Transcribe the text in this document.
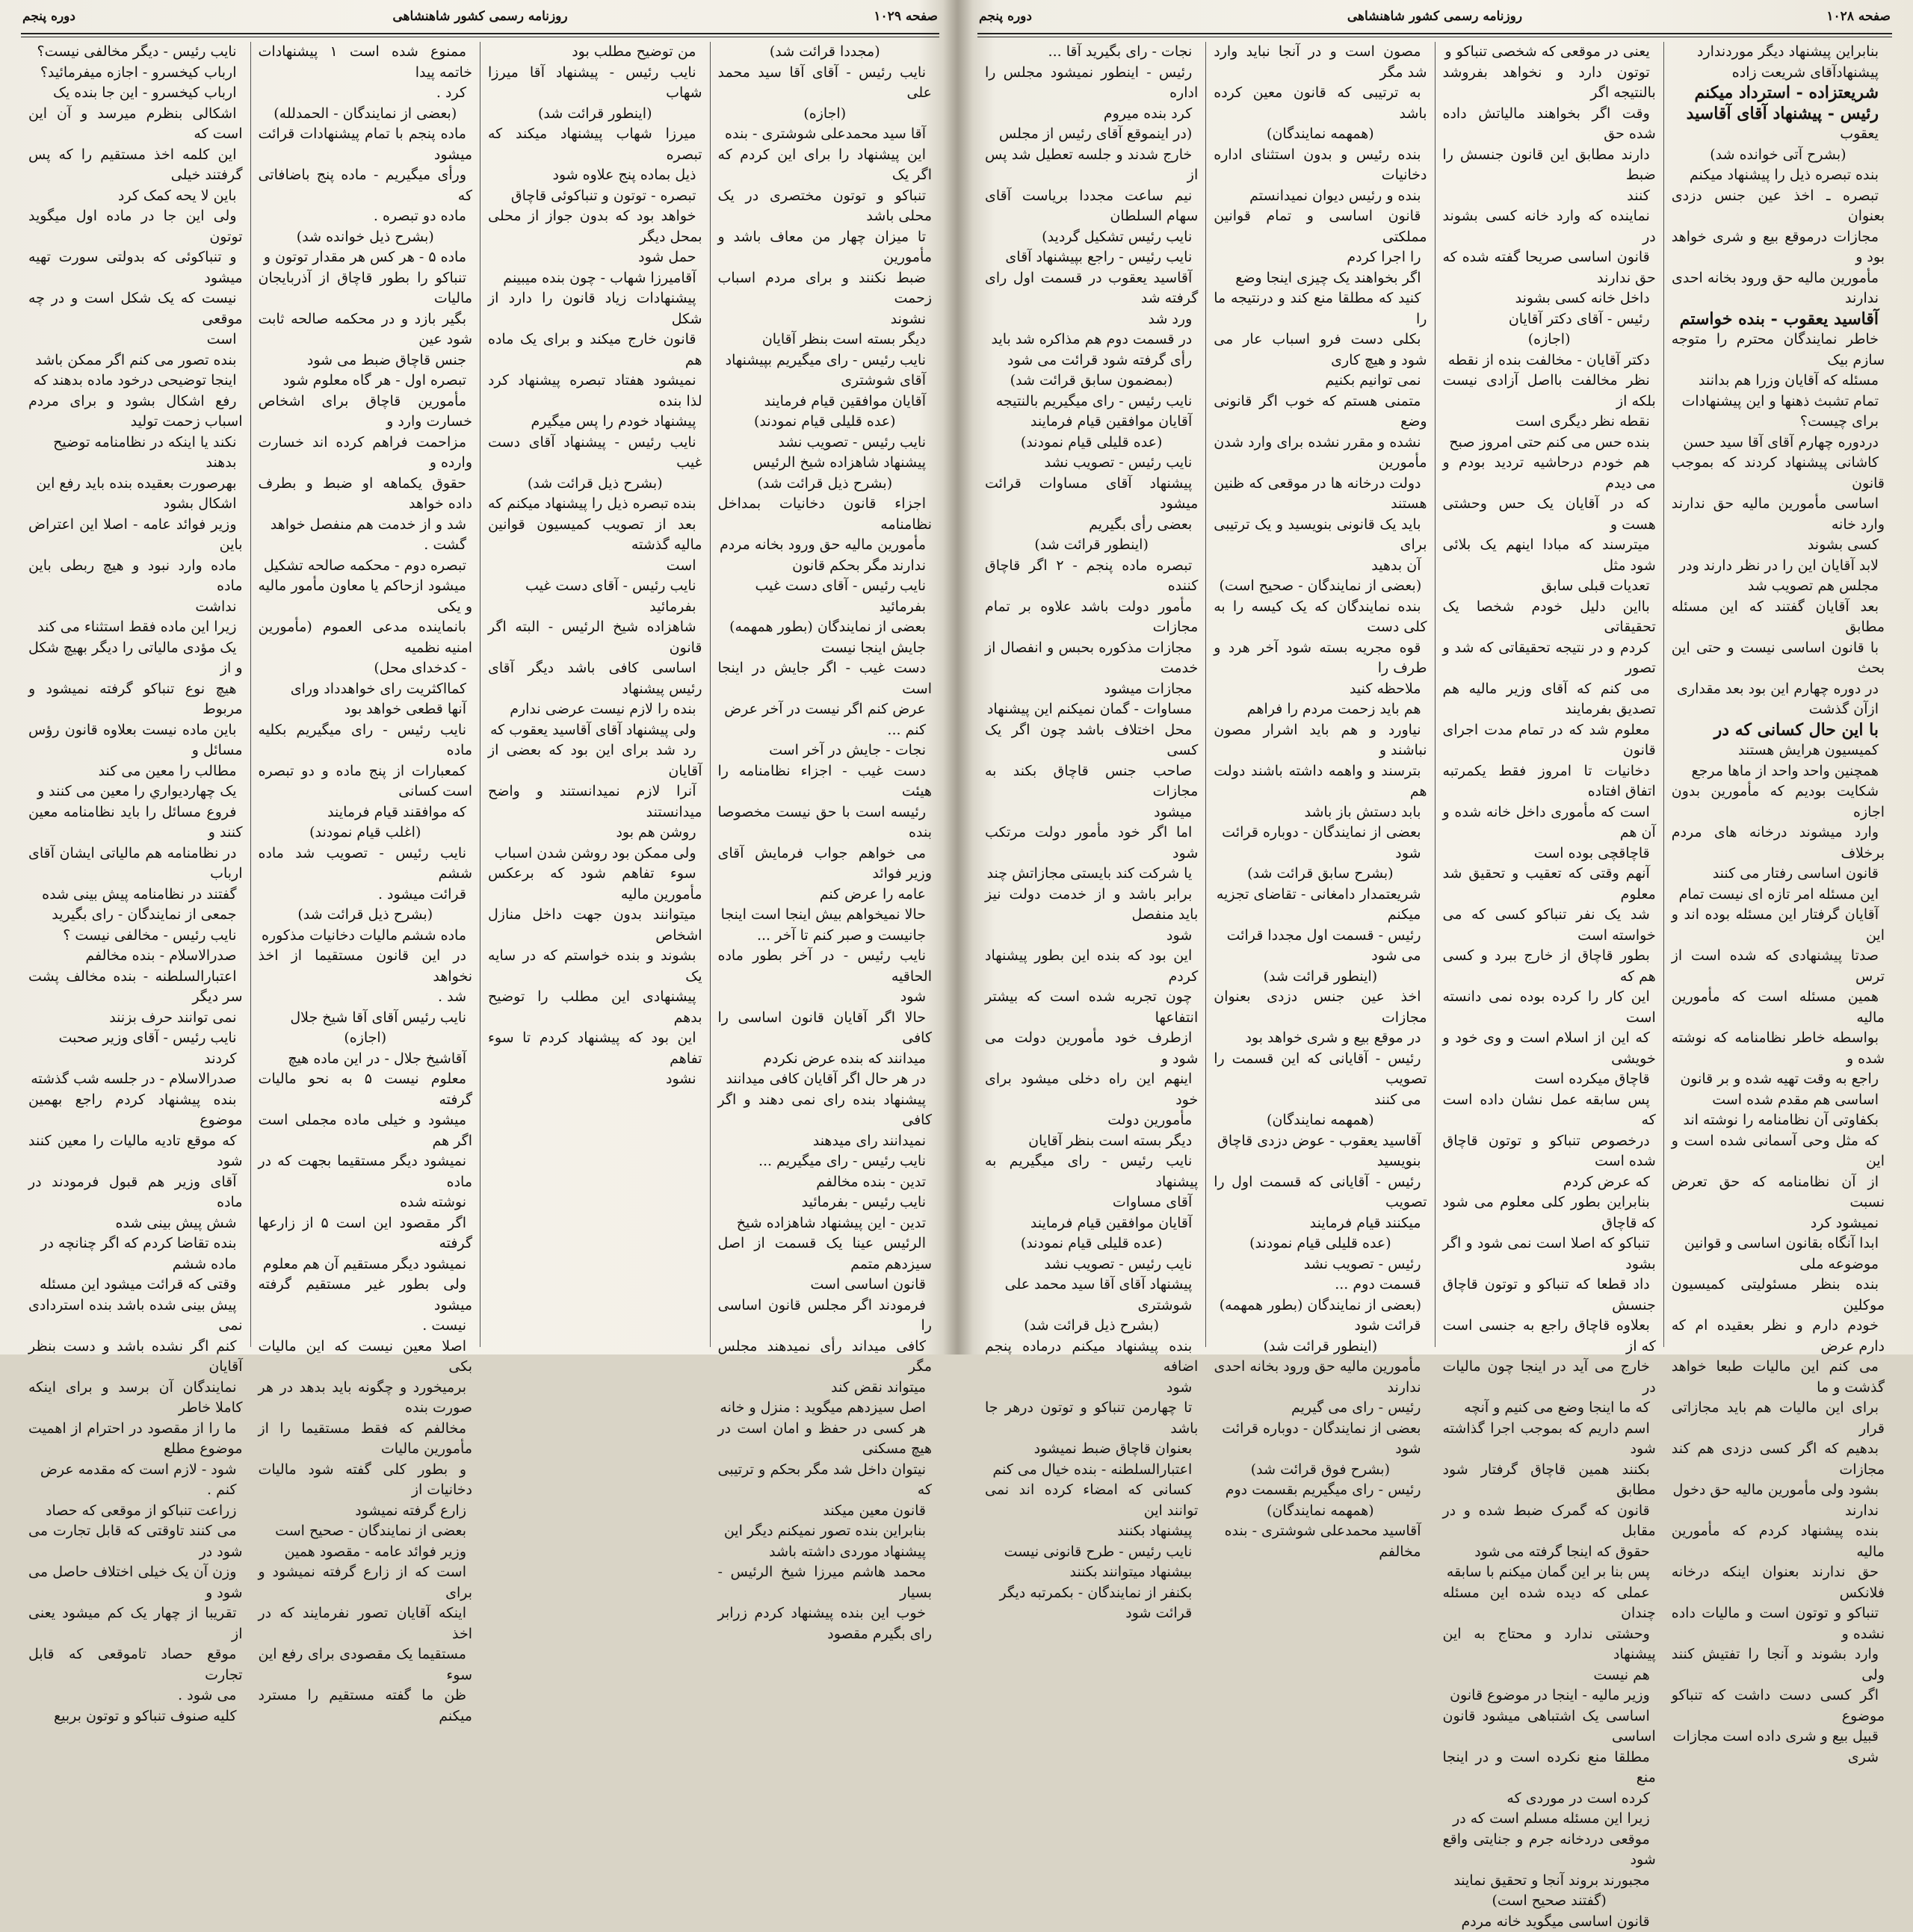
صفحه ۱۰۲۹
روزنامه رسمی کشور شاهنشاهی
دوره پنجم

(مجددا قرائت شد)

نایب رئیس - آقای آقا سید محمد علی

(اجازه)

آقا سید محمدعلی شوشتری - بنده

این پیشنهاد را برای این کردم که اگر یک

تنباکو و توتون مختصری در یک محلی باشد

تا میزان چهار من معاف باشد و مأمورین

ضبط نکنند و برای مردم اسباب زحمت

نشوند

دیگر بسته است بنظر آقایان

نایب رئیس - رای میگیریم بپیشنهاد

آقای شوشتری

آقایان موافقین قیام فرمایند

(عده قلیلی قیام نمودند)

نایب رئیس - تصویب نشد

پیشنهاد شاهزاده شیخ الرئیس

(بشرح ذیل قرائت شد)

اجزاء قانون دخانیات بمداخل نظامنامه

مأمورین مالیه حق ورود بخانه مردم

ندارند مگر بحکم قانون

نایب رئیس - آقای دست غیب

بفرمائید

بعضی از نمایندگان (بطور همهمه)

جایش اینجا نیست

دست غیب - اگر جایش در اینجا است

عرض کنم اگر نیست در آخر عرض

کنم ...

نجات - جایش در آخر است

دست غیب - اجزاء نظامنامه را هیئت

رئیسه است با حق نیست مخصوصا بنده

می خواهم جواب فرمایش آقای وزیر فوائد

عامه را عرض کنم

حالا نمیخواهم بیش اینجا است اینجا

جانیست و صبر کنم تا آخر ...

نایب رئیس - در آخر بطور ماده الحاقیه

شود

حالا اگر آقایان قانون اساسی را کافی

میدانند که بنده عرض نکردم

در هر حال اگر آقایان کافی میدانند

پیشنهاد بنده رای نمی دهند و اگر کافی

نمیدانند رای میدهند

نایب رئیس - رای میگیریم ...

تدین - بنده مخالفم

نایب رئیس - بفرمائید

تدین - این پیشنهاد شاهزاده شیخ

الرئیس عینا یک قسمت از اصل سیزدهم متمم

قانون اساسی است

فرمودند اگر مجلس قانون اساسی را

کافی میداند رأی نمیدهند مجلس مگر

میتواند نقض کند

اصل سیزدهم میگوید : منزل و خانه

هر کسی در حفظ و امان است در هیچ مسکنی

نیتوان داخل شد مگر بحکم و ترتیبی که

قانون معین میکند

بنابراین بنده تصور نمیکنم دیگر این

پیشنهاد موردی داشته باشد

محمد هاشم میرزا شیخ الرئیس - بسیار

خوب این بنده پیشنهاد کردم زرابر رای بگیرم مقصود

من توضیح مطلب بود

نایب رئیس - پیشنهاد آقا میرزا شهاب

(اینطور قرائت شد)

میرزا شهاب پیشنهاد میکند که تبصره

ذیل بماده پنج علاوه شود

تبصره - توتون و تنباکوئی قاچاق

خواهد بود که بدون جواز از محلی بمحل دیگر

حمل شود

آقامیرزا شهاب - چون بنده میبینم

پیشنهادات زیاد قانون را دارد از شکل

قانون خارج میکند و برای یک ماده هم

نمیشود هفتاد تبصره پیشنهاد کرد لذا بنده

پیشنهاد خودم را پس میگیرم

نایب رئیس - پیشنهاد آقای دست غیب

(بشرح ذیل قرائت شد)

بنده تبصره ذیل را پیشنهاد میکنم که

بعد از تصویب کمیسیون قوانین مالیه گذشته

است

نایب رئیس - آقای دست غیب

بفرمائید

شاهزاده شیخ الرئیس - البته اگر قانون

اساسی کافی باشد دیگر آقای رئیس پیشنهاد

بنده را لازم نیست عرضی ندارم

ولی پیشنهاد آقای آقاسید یعقوب که

رد شد برای این بود که بعضی از آقایان

آنرا لازم نمیدانستند و واضح میدانستند

روشن هم بود

ولی ممکن بود روشن شدن اسباب

سوء تفاهم شود که برعکس مأمورین مالیه

میتوانند بدون جهت داخل منازل اشخاص

بشوند و بنده خواستم که در سایه یک

پیشنهادی این مطلب را توضیح بدهم

این بود که پیشنهاد کردم تا سوء تفاهم

نشود

ممنوع شده است ۱ پیشنهادات خاتمه پیدا

کرد .

(بعضی از نمایندگان - الحمدلله)

ماده پنجم با تمام پیشنهادات قرائت میشود

ورأی میگیریم - ماده پنج باضافاتی که

ماده دو تبصره .

(بشرح ذیل خوانده شد)

ماده ۵ - هر کس هر مقدار توتون و

تنباکو را بطور قاچاق از آذربایجان مالیات

بگیر بازد و در محکمه صالحه ثابت شود عین

جنس قاچاق ضبط می شود

تبصره اول - هر گاه معلوم شود

مأمورین قاچاق برای اشخاص خسارت وارد و

مزاحمت فراهم کرده اند خسارت وارده و

حقوق یکماهه او ضبط و بطرف داده خواهد

شد و از خدمت هم منفصل خواهد

گشت .

تبصره دوم - محکمه صالحه تشکیل

میشود ازحاکم یا معاون مأمور مالیه و یکی

بانماینده مدعی العموم (مأمورین امنیه نظمیه

- کدخدای محل)

کمااکثریت رای خواهدداد ورای

آنها قطعی خواهد بود

نایب رئیس - رای میگیریم بکلیه ماده

کمعبارات از پنج ماده و دو تبصره است کسانی

که موافقند قیام فرمایند

(اغلب قیام نمودند)

نایب رئیس - تصویب شد ماده ششم

قرائت میشود .

(بشرح ذیل قرائت شد)

ماده ششم مالیات دخانیات مذکوره

در این قانون مستقیما از اخذ نخواهد

شد .

نایب رئیس آقای آقا شیخ جلال

(اجازه)

آقاشیخ جلال - در این ماده هیچ

معلوم نیست ۵ به نحو مالیات گرفته

میشود و خیلی ماده مجملی است اگر هم

نمیشود دیگر مستقیما بجهت که در ماده

نوشته شده

اگر مقصود این است ۵ از زارعها گرفته

نمیشود دیگر مستقیم آن هم معلوم

ولی بطور غیر مستقیم گرفته میشود

نیست .

اصلا معین نیست که این مالیات بکی

برمیخورد و چگونه باید بدهد در هر صورت بنده

مخالفم که فقط مستقیما را از مأمورین مالیات

و بطور کلی گفته شود مالیات دخانیات از

زارع گرفته نمیشود

بعضی از نمایندگان - صحیح است

وزیر فوائد عامه - مقصود همین

است که از زارع گرفته نمیشود و برای

اینکه آقایان تصور نفرمایند که در اخذ

مستقیما یک مقصودی برای رفع این سوء

ظن ما گفته مستقیم را مسترد میکنم

نایب رئیس - دیگر مخالفی نیست؟

ارباب کیخسرو - اجازه میفرمائید؟

ارباب کیخسرو - این جا بنده یک

اشکالی بنظرم میرسد و آن این است که

این کلمه اخذ مستقیم را که پس گرفتند خیلی

باین لا یحه کمک کرد

ولی این جا در ماده اول میگوید توتون

و تنباکوئی که بدولتی سورت تهیه میشود

نیست که یک شکل است و در چه موقعی

است

بنده تصور می کنم اگر ممکن باشد

اینجا توضیحی درخود ماده بدهند که

رفع اشکال بشود و برای مردم اسباب زحمت تولید

نکند یا اینکه در نظامنامه توضیح

بدهند

بهرصورت بعقیده بنده باید رفع این

اشکال بشود

وزیر فوائد عامه - اصلا این اعتراض باین

ماده وارد نبود و هیچ ربطی باین ماده

نداشت

زیرا این ماده فقط استثناء می کند

یک مؤدی مالیاتی را دیگر بهیچ شکل و از

هیچ نوع تنباکو گرفته نمیشود و مربوط

باین ماده نیست بعلاوه قانون رؤس مسائل و

مطالب را معین می کند

یک چهارديواري را معين می کنند و

فروع مسائل را باید نظامنامه معین کنند و

در نظامنامه هم مالیاتی ایشان آقای ارباب

گفتند در نظامنامه پیش بینی شده

جمعی از نمایندگان - رای بگیرید

نایب رئیس - مخالفی نیست ؟

صدرالاسلام - بنده مخالفم

اعتبارالسلطنه - بنده مخالف پشت سر دیگر

نمی توانند حرف بزنند

نایب رئیس - آقای وزیر صحبت

کردند

صدرالاسلام - در جلسه شب گذشته

بنده پیشنهاد کردم راجع بهمین موضوع

که موقع تادیه مالیات را معین کنند شود

آقای وزیر هم قبول فرمودند در ماده

شش پیش بینی شده

بنده تقاضا کردم که اگر چنانچه در

ماده ششم

وقتی که قرائت میشود این مسئله

پیش بینی شده باشد بنده استردادی نمی

کنم اگر نشده باشد و دست بنظر آقایان

نمایندگان آن برسد و برای اینکه کاملا خاطر

ما را از مقصود در احترام از اهمیت موضوع مطلع

شود - لازم است که مقدمه عرض

کنم .

زراعت تنباکو از موقعی که حصاد

می کنند تاوقتی که قابل تجارت می شود در

وزن آن یک خیلی اختلاف حاصل می شود و

تقریبا از چهار یک کم میشود یعنی از

موقع حصاد تاموقعی که قابل تجارت

می شود .

کلیه صنوف تنباکو و توتون بربیع

صفحه ۱۰۲۸
روزنامه رسمی کشور شاهنشاهی
دوره پنجم

بنابراین پیشنهاد دیگر موردندارد

پیشنهادآقای شریعت زاده

شریعتزاده - استرداد میکنم

رئیس - پیشنهاد آقای آقاسید

یعقوب

(بشرح آتی خوانده شد)

بنده تبصره ذیل را پیشنهاد میکنم

تبصره ـ اخذ عین جنس دزدی بعنوان

مجازات درموقع بیع و شری خواهد بود و

مأمورین مالیه حق ورود بخانه احدی

ندارند

آقاسید یعقوب - بنده خواستم

خاطر نمایندگان محترم را متوجه سازم بیک

مسئله که آقایان وزرا هم بدانند

تمام تشبث ذهنها و این پیشنهادات

برای چیست؟

دردوره چهارم آقای آقا سید حسن

کاشانی پیشنهاد کردند که بموجب قانون

اساسی مأمورین مالیه حق ندارند وارد خانه

کسی بشوند

لابد آقایان این را در نظر دارند ودر

مجلس هم تصویب شد

بعد آقایان گفتند که این مسئله مطابق

با قانون اساسی نیست و حتی این بحث

در دوره چهارم این بود بعد مقداری

ازآن گذشت

با این حال کسانی که در

کمیسیون هرایش هستند

همچنین واحد واحد از ماها مرجع

شکایت بودیم که مأمورین بدون اجازه

وارد میشوند درخانه های مردم برخلاف

قانون اساسی رفتار می کنند

این مسئله امر تازه ای نیست تمام

آقایان گرفتار این مسئله بوده اند و این

صدتا پیشنهادی که شده است از ترس

همین مسئله است که مأمورین مالیه

بواسطه خاطر نظامنامه که نوشته شده و

راجع به وقت تهیه شده و بر قانون

اساسی هم مقدم شده است

بکفاوتی آن نظامنامه را نوشته اند

که مثل وحی آسمانی شده است و این

از آن نظامنامه که حق تعرض نسبت

نمیشود کرد

ابدا آنگاه بقانون اساسی و قوانین

موضوعه ملی

بنده بنظر مسئولیتی کمیسیون موکلین

خودم دارم و نظر بعقیده ام که دارم عرض

می کنم این مالیات طبعا خواهد گذشت و ما

برای این مالیات هم باید مجازاتی قرار

بدهیم که اگر کسی دزدی هم کند مجازات

بشود ولی مأمورین مالیه حق دخول

ندارند

بنده پیشنهاد کردم که مأمورین مالیه

حق ندارند بعنوان اینکه درخانه فلانکس

تنباکو و توتون است و مالیات داده نشده و

وارد بشوند و آنجا را تفتیش کنند ولی

اگر کسی دست داشت که تنباکو موضوع

قبیل بیع و شری داده است مجازات

شری

یعنی در موقعی که شخصی تنباکو و

توتون دارد و نخواهد بفروشد بالنتیجه اگر

وقت اگر بخواهند مالیاتش داده شده حق

دارند مطابق این قانون جنسش را ضبط

کنند

نماینده که وارد خانه کسی بشوند در

قانون اساسی صریحا گفته شده که حق ندارند

داخل خانه کسی بشوند

رئیس - آقای دکتر آقایان

(اجازه)

دکتر آقایان - مخالفت بنده از نقطه

نظر مخالفت بااصل آزادی نیست بلکه از

نقطه نظر دیگری است

بنده حس می کنم حتی امروز صبح

هم خودم درحاشیه تردید بودم و می دیدم

که در آقایان یک حس وحشتی هست و

میترسند که مبادا اینهم یک بلائی شود مثل

تعدیات قبلی سابق

بااین دلیل خودم شخصا یک تحقیقاتی

کردم و در نتیجه تحقیقاتی که شد و تصور

می کنم که آقای وزیر مالیه هم تصدیق بفرمایند

معلوم شد که در تمام مدت اجرای قانون

دخانیات تا امروز فقط یکمرتبه اتفاق افتاده

است که مأموری داخل خانه شده و آن هم

قاچاقچی بوده است

آنهم وقتی که تعقیب و تحقیق شد معلوم

شد یک نفر تنباکو کسی که می خواسته است

بطور قاچاق از خارج ببرد و کسی هم که

این کار را کرده بوده نمی دانسته است

که این از اسلام است و وی خود و خویشی

قاچاق میکرده است

پس سابقه عمل نشان داده است که

درخصوص تنباکو و توتون قاچاق شده است

که عرض کردم

بنابراین بطور کلی معلوم می شود که قاچاق

تنباکو که اصلا است نمی شود و اگر بشود

داد قطعا که تنباکو و توتون قاچاق جنسش

بعلاوه قاچاق راجع به جنسی است که از

خارج می آید در اینجا چون مالیات در

که ما اینجا وضع می کنیم و آنچه

اسم داریم که بموجب اجرا گذاشته شود

بکنند همین قاچاق گرفتار شود مطابق

قانون که گمرک ضبط شده و در مقابل

حقوق که اینجا گرفته می شود

پس بنا بر این گمان میکنم با سابقه

عملی که دیده شده این مسئله چندان

وحشتی ندارد و محتاج به این پیشنهاد

هم نیست

وزیر مالیه - اینجا در موضوع قانون

اساسی یک اشتباهی میشود قانون اساسی

مطلقا منع نکرده است و در اینجا منع

کرده است در موردی که

زیرا این مسئله مسلم است که در

موقعی دردخانه جرم و جنایتی واقع شود

مجبورند بروند آنجا و تحقیق نمایند

(گفتند صحیح است)

قانون اساسی میگوید خانه مردم

مصون است و در آنجا نباید وارد شد مگر

به ترتیبی که قانون معین کرده باشد

(همهمه نمایندگان)

بنده رئیس و بدون استثنای اداره دخانیات

بنده و رئیس دیوان نمیدانستم

قانون اساسی و تمام قوانین مملکتی

را اجرا کردم

اگر بخواهند یک چیزی اینجا وضع

کنید که مطلقا منع کند و درنتیجه ما را

بکلی دست فرو اسباب عار می شود و هیچ کاری

نمی توانیم بکنیم

متمنی هستم که خوب اگر قانونی وضع

نشده و مقرر نشده برای وارد شدن مأمورین

دولت درخانه ها در موقعی که ظنین هستند

باید یک قانونی بنویسید و یک ترتیبی برای

آن بدهید

(بعضی از نمایندگان - صحیح است)

بنده نمایندگان که یک کیسه را به کلی دست

قوه مجریه بسته شود آخر هرد و طرف را

ملاحظه کنید

هم باید زحمت مردم را فراهم

نیاورد و هم باید اشرار مصون نباشند و

بترسند و واهمه داشته باشند دولت هم

بابد دستش باز باشد

بعضی از نمایندگان - دوباره قرائت

شود

(بشرح سابق قرائت شد)

شریعتمدار دامغانی - تقاضای تجزیه

میکنم

رئیس - قسمت اول مجددا قرائت

می شود

(اینطور قرائت شد)

اخذ عین جنس دزدی بعنوان مجازات

در موقع بیع و شری خواهد بود

رئیس - آقایانی که این قسمت را تصویب

می کنند

(همهمه نمایندگان)

آقاسید یعقوب - عوض دزدی قاچاق

بنویسید

رئیس - آقایانی که قسمت اول را تصویب

میکنند قیام فرمایند

(عده قلیلی قیام نمودند)

رئیس - تصویب نشد

قسمت دوم ...

(بعضی از نمایندگان (بطور همهمه)

قرائت شود

(اینطور قرائت شد)

مأمورین مالیه حق ورود بخانه احدی

ندارند

رئیس - رای می گیریم

بعضی از نمایندگان - دوباره قرائت

شود

(بشرح فوق قرائت شد)

رئیس - رای میگیریم بقسمت دوم

(همهمه نمایندگان)

آقاسید محمدعلی شوشتری - بنده

مخالفم

نجات - رای بگیرید آقا ...

رئیس - اینطور نمیشود مجلس را اداره

کرد بنده میروم

(در اینموقع آقای رئیس از مجلس

خارج شدند و جلسه تعطیل شد پس از

نیم ساعت مجددا بریاست آقای سهام السلطان

نایب رئیس تشکیل گردید)

نایب رئیس - راجع بپیشنهاد آقای

آقاسید یعقوب در قسمت اول رای گرفته شد

ورد شد

در قسمت دوم هم مذاکره شد باید

رأی گرفته شود قرائت می شود

(بمضمون سابق قرائت شد)

نایب رئیس - رای میگیریم بالنتیجه

آقایان موافقین قیام فرمایند

(عده قلیلی قیام نمودند)

نایب رئیس - تصویب نشد

پیشنهاد آقای مساوات قرائت میشود

بعضی رأی بگیریم

(اینطور قرائت شد)

تبصره ماده پنجم - ۲ اگر قاچاق کننده

مأمور دولت باشد علاوه بر تمام مجازات

مجازات مذکوره بحبس و انفصال از خدمت

مجازات میشود

مساوات - گمان نمیکنم این پیشنهاد

محل اختلاف باشد چون اگر یک کسی

صاحب جنس قاچاق بکند به مجازات

میشود

اما اگر خود مأمور دولت مرتکب شود

یا شرکت کند بایستی مجازاتش چند

برابر باشد و از خدمت دولت نیز باید منفصل

شود

این بود که بنده این بطور پیشنهاد کردم

چون تجربه شده است که بیشتر انتفاعها

ازطرف خود مأمورین دولت می شود و

اینهم این راه دخلی میشود برای خود

مأمورین دولت

دیگر بسته است بنظر آقایان

نایب رئیس - رای میگیریم به پیشنهاد

آقای مساوات

آقایان موافقین قیام فرمایند

(عده قلیلی قیام نمودند)

نایب رئیس - تصویب نشد

پیشنهاد آقای آقا سید محمد علی

شوشتری

(بشرح ذیل قرائت شد)

بنده پیشنهاد میکنم درماده پنجم اضافه

شود

تا چهارمن تنباکو و توتون درهر جا باشد

بعنوان قاچاق ضبط نمیشود

اعتبارالسلطنه - بنده خیال می کنم

کسانی که امضاء کرده اند نمی توانند این

پیشنهاد بکنند

نایب رئیس - طرح قانونی نیست

بیشنهاد میتوانند بکنند

بکنفر از نمایندگان - بکمرتبه دیگر

قرائت شود
